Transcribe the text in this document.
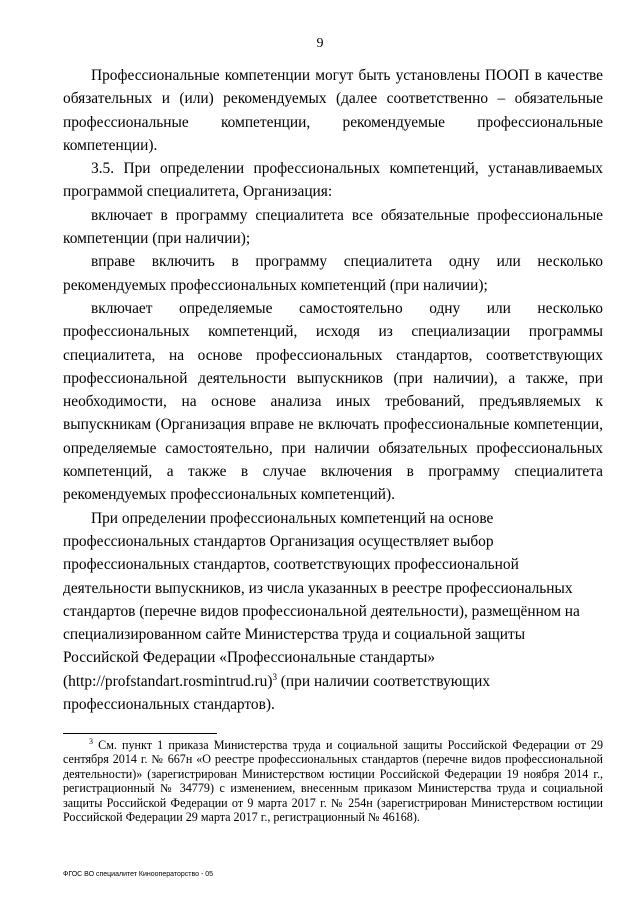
9

Профессиональные компетенции могут быть установлены ПООП в качестве обязательных и (или) рекомендуемых (далее соответственно – обязательные профессиональные компетенции, рекомендуемые профессиональные компетенции).

3.5. При определении профессиональных компетенций, устанавливаемых программой специалитета, Организация:

включает в программу специалитета все обязательные профессиональные компетенции (при наличии);

вправе включить в программу специалитета одну или несколько рекомендуемых профессиональных компетенций (при наличии);

включает определяемые самостоятельно одну или несколько профессиональных компетенций, исходя из специализации программы специалитета, на основе профессиональных стандартов, соответствующих профессиональной деятельности выпускников (при наличии), а также, при необходимости, на основе анализа иных требований, предъявляемых к выпускникам (Организация вправе не включать профессиональные компетенции, определяемые самостоятельно, при наличии обязательных профессиональных компетенций, а также в случае включения в программу специалитета рекомендуемых профессиональных компетенций).

При определении профессиональных компетенций на основе профессиональных стандартов Организация осуществляет выбор профессиональных стандартов, соответствующих профессиональной деятельности выпускников, из числа указанных в реестре профессиональных стандартов (перечне видов профессиональной деятельности), размещённом на специализированном сайте Министерства труда и социальной защиты Российской Федерации «Профессиональные стандарты» (http://profstandart.rosmintrud.ru)$^3$ (при наличии соответствующих профессиональных стандартов).

$^3$ См. пункт 1 приказа Министерства труда и социальной защиты Российской Федерации от 29 сентября 2014 г. № 667н «О реестре профессиональных стандартов (перечне видов профессиональной деятельности)» (зарегистрирован Министерством юстиции Российской Федерации 19 ноября 2014 г., регистрационный № 34779) с изменением, внесенным приказом Министерства труда и социальной защиты Российской Федерации от 9 марта 2017 г. № 254н (зарегистрирован Министерством юстиции Российской Федерации 29 марта 2017 г., регистрационный № 46168).

ФГОС ВО специалитет Кинооператорство - 05
